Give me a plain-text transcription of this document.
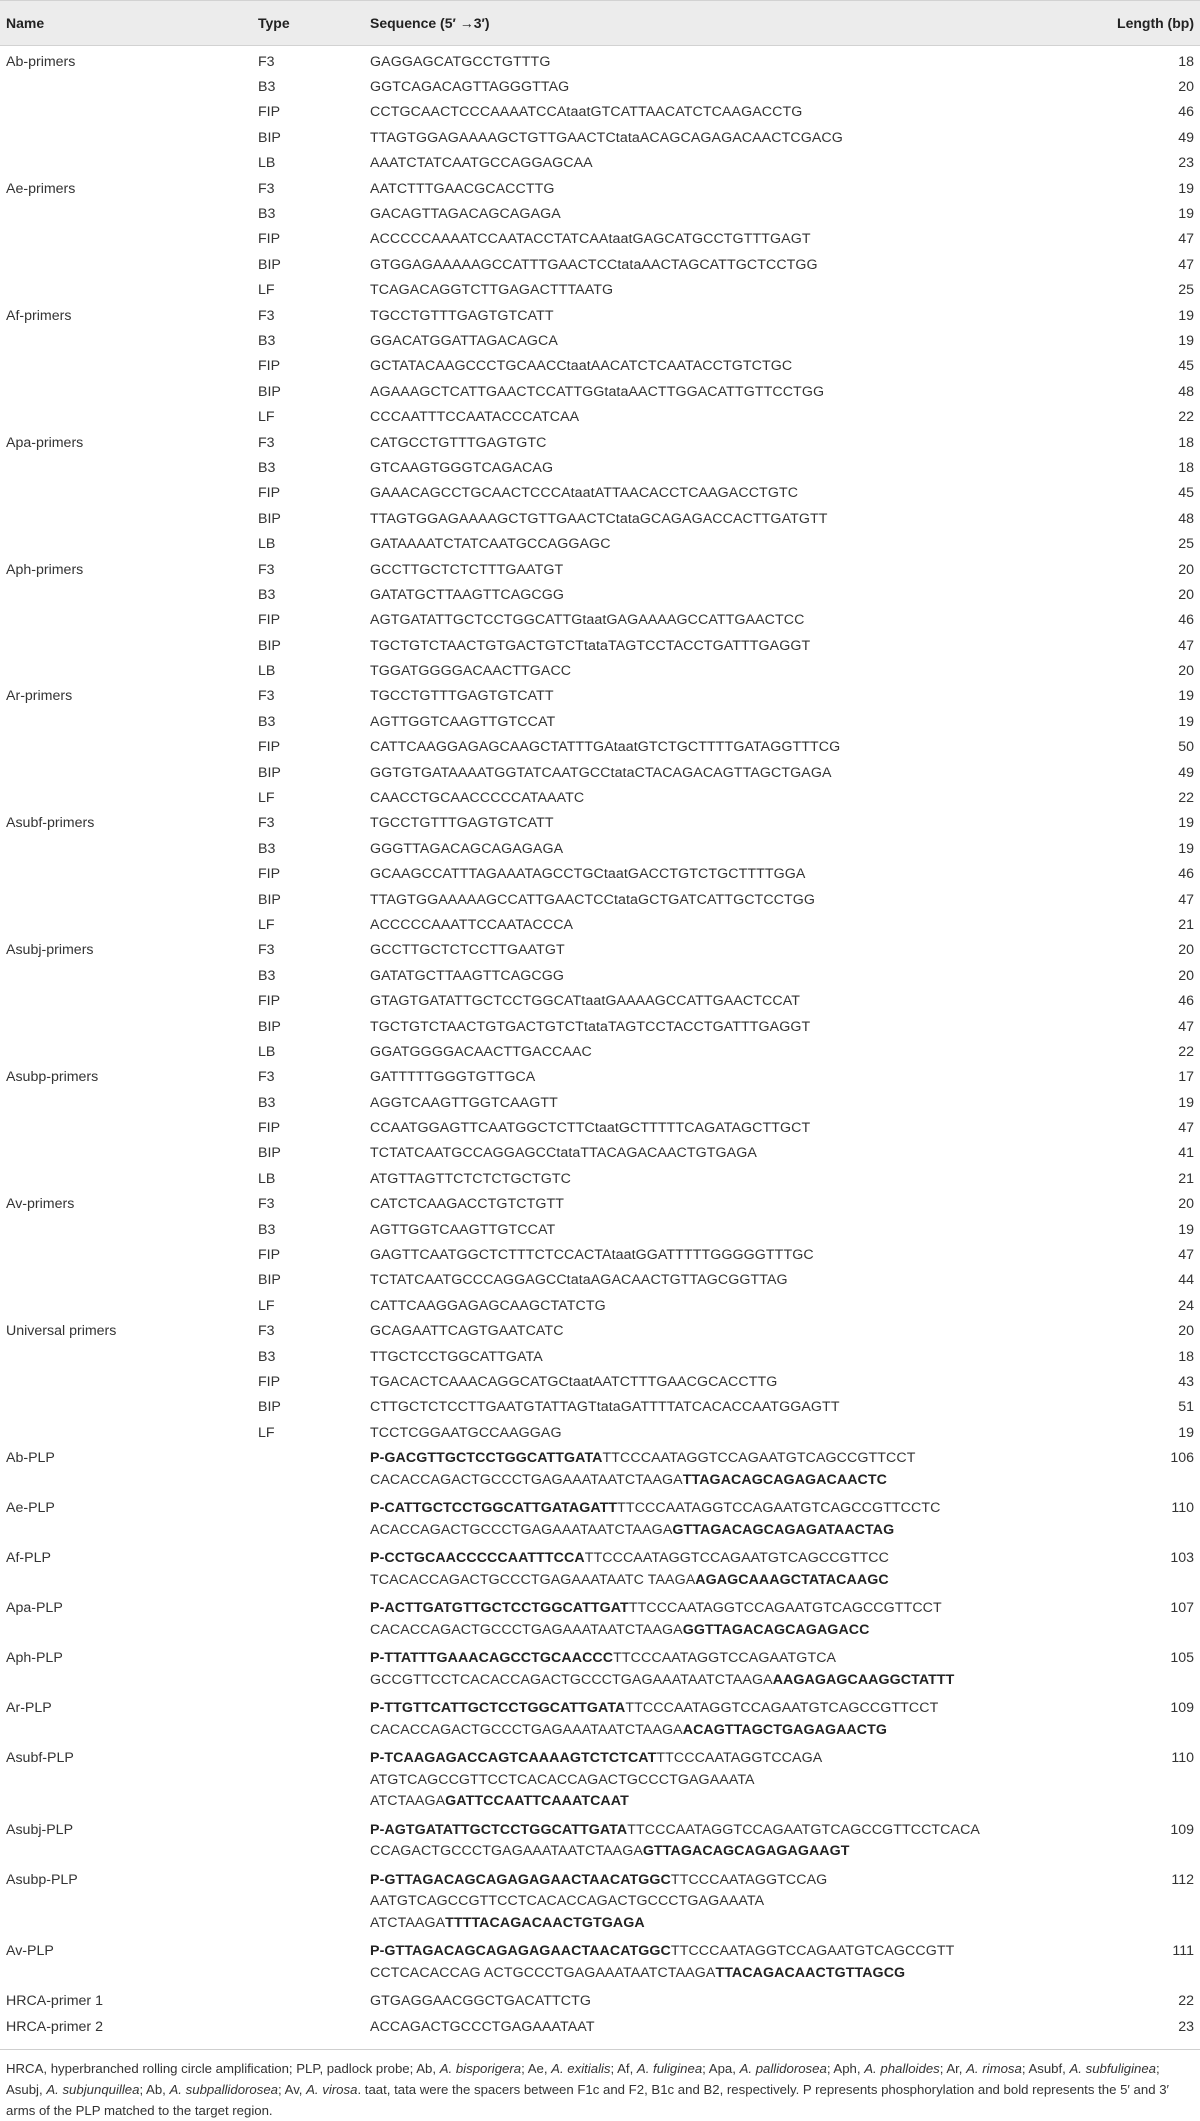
Name	Type	Sequence (5′ →3′)	Length (bp)
Ab-primers	F3	GAGGAGCATGCCTGTTTG	18
	B3	GGTCAGACAGTTAGGGTTAG	20
	FIP	CCTGCAACTCCCAAAATCCAtaatGTCATTAACATCTCAAGACCTG	46
	BIP	TTAGTGGAGAAAAGCTGTTGAACTCtataACAGCAGAGACAACTCGACG	49
	LB	AAATCTATCAATGCCAGGAGCAA	23
Ae-primers	F3	AATCTTTGAACGCACCTTG	19
	B3	GACAGTTAGACAGCAGAGA	19
	FIP	ACCCCCAAAATCCAATACCTATCAAtaatGAGCATGCCTGTTTGAGT	47
	BIP	GTGGAGAAAAAGCCATTTGAACTCCtataAACTAGCATTGCTCCTGG	47
	LF	TCAGACAGGTCTTGAGACTTTAATG	25
Af-primers	F3	TGCCTGTTTGAGTGTCATT	19
	B3	GGACATGGATTAGACAGCA	19
	FIP	GCTATACAAGCCCTGCAACCtaatAACATCTCAATACCTGTCTGC	45
	BIP	AGAAAGCTCATTGAACTCCATTGGtataAACTTGGACATTGTTCCTGG	48
	LF	CCCAATTTCCAATACCCATCAA	22
Apa-primers	F3	CATGCCTGTTTGAGTGTC	18
	B3	GTCAAGTGGGTCAGACAG	18
	FIP	GAAACAGCCTGCAACTCCCAtaatATTAACACCTCAAGACCTGTC	45
	BIP	TTAGTGGAGAAAAGCTGTTGAACTCtataGCAGAGACCACTTGATGTT	48
	LB	GATAAAATCTATCAATGCCAGGAGC	25
Aph-primers	F3	GCCTTGCTCTCTTTGAATGT	20
	B3	GATATGCTTAAGTTCAGCGG	20
	FIP	AGTGATATTGCTCCTGGCATTGtaatGAGAAAAGCCATTGAACTCC	46
	BIP	TGCTGTCTAACTGTGACTGTCTtataTAGTCCTACCTGATTTGAGGT	47
	LB	TGGATGGGGACAACTTGACC	20
Ar-primers	F3	TGCCTGTTTGAGTGTCATT	19
	B3	AGTTGGTCAAGTTGTCCAT	19
	FIP	CATTCAAGGAGAGCAAGCTATTTGAtaatGTCTGCTTTTGATAGGTTTCG	50
	BIP	GGTGTGATAAAATGGTATCAATGCCtataCTACAGACAGTTAGCTGAGA	49
	LF	CAACCTGCAACCCCCATAAATC	22
Asubf-primers	F3	TGCCTGTTTGAGTGTCATT	19
	B3	GGGTTAGACAGCAGAGAGA	19
	FIP	GCAAGCCATTTAGAAATAGCCTGCtaatGACCTGTCTGCTTTTGGA	46
	BIP	TTAGTGGAAAAAGCCATTGAACTCCtataGCTGATCATTGCTCCTGG	47
	LF	ACCCCCAAATTCCAATACCCA	21
Asubj-primers	F3	GCCTTGCTCTCCTTGAATGT	20
	B3	GATATGCTTAAGTTCAGCGG	20
	FIP	GTAGTGATATTGCTCCTGGCATtaatGAAAAGCCATTGAACTCCAT	46
	BIP	TGCTGTCTAACTGTGACTGTCTtataTAGTCCTACCTGATTTGAGGT	47
	LB	GGATGGGGACAACTTGACCAAC	22
Asubp-primers	F3	GATTTTTGGGTGTTGCA	17
	B3	AGGTCAAGTTGGTCAAGTT	19
	FIP	CCAATGGAGTTCAATGGCTCTTCtaatGCTTTTTCAGATAGCTTGCT	47
	BIP	TCTATCAATGCCAGGAGCCtataTTACAGACAACTGTGAGA	41
	LB	ATGTTAGTTCTCTCTGCTGTC	21
Av-primers	F3	CATCTCAAGACCTGTCTGTT	20
	B3	AGTTGGTCAAGTTGTCCAT	19
	FIP	GAGTTCAATGGCTCTTTCTCCACTAtaatGGATTTTTGGGGGTTTGC	47
	BIP	TCTATCAATGCCCAGGAGCCtataAGACAACTGTTAGCGGTTAG	44
	LF	CATTCAAGGAGAGCAAGCTATCTG	24
Universal primers	F3	GCAGAATTCAGTGAATCATC	20
	B3	TTGCTCCTGGCATTGATA	18
	FIP	TGACACTCAAACAGGCATGCtaatAATCTTTGAACGCACCTTG	43
	BIP	CTTGCTCTCCTTGAATGTATTAGTtataGATTTTATCACACCAATGGAGTT	51
	LF	TCCTCGGAATGCCAAGGAG	19
Ab-PLP		P-GACGTTGCTCCTGGCATTGATATTCCCAATAGGTCCAGAATGTCAGCCGTTCCT
CACACCAGACTGCCCTGAGAAATAATCTAAGATTAGACAGCAGAGACAACTC	106
Ae-PLP		P-CATTGCTCCTGGCATTGATAGATTTTCCCAATAGGTCCAGAATGTCAGCCGTTCCTC
ACACCAGACTGCCCTGAGAAATAATCTAAGAGTTAGACAGCAGAGATAACTAG	110
Af-PLP		P-CCTGCAACCCCCAATTTCCATTCCCAATAGGTCCAGAATGTCAGCCGTTCC
TCACACCAGACTGCCCTGAGAAATAATC TAAGAAGAGCAAAGCTATACAAGC	103
Apa-PLP		P-ACTTGATGTTGCTCCTGGCATTGATTTCCCAATAGGTCCAGAATGTCAGCCGTTCCT
CACACCAGACTGCCCTGAGAAATAATCTAAGAGGTTAGACAGCAGAGACC	107
Aph-PLP		P-TTATTTGAAACAGCCTGCAACCCTTCCCAATAGGTCCAGAATGTCA
GCCGTTCCTCACACCAGACTGCCCTGAGAAATAATCTAAGAAAGAGAGCAAGGCTATTT	105
Ar-PLP		P-TTGTTCATTGCTCCTGGCATTGATATTCCCAATAGGTCCAGAATGTCAGCCGTTCCT
CACACCAGACTGCCCTGAGAAATAATCTAAGAACAGTTAGCTGAGAGAACTG	109
Asubf-PLP		P-TCAAGAGACCAGTCAAAAGTCTCTCATTTCCCAATAGGTCCAGA
ATGTCAGCCGTTCCTCACACCAGACTGCCCTGAGAAATA
ATCTAAGAGATTCCAATTCAAATCAAT	110
Asubj-PLP		P-AGTGATATTGCTCCTGGCATTGATATTCCCAATAGGTCCAGAATGTCAGCCGTTCCTCACA
CCAGACTGCCCTGAGAAATAATCTAAGAGTTAGACAGCAGAGAGAAGT	109
Asubp-PLP		P-GTTAGACAGCAGAGAGAACTAACATGGCTTCCCAATAGGTCCAG
AATGTCAGCCGTTCCTCACACCAGACTGCCCTGAGAAATA
ATCTAAGATTTTACAGACAACTGTGAGA	112
Av-PLP		P-GTTAGACAGCAGAGAGAACTAACATGGCTTCCCAATAGGTCCAGAATGTCAGCCGTT
CCTCACACCAG ACTGCCCTGAGAAATAATCTAAGATTACAGACAACTGTTAGCG	111
HRCA-primer 1		GTGAGGAACGGCTGACATTCTG	22
HRCA-primer 2		ACCAGACTGCCCTGAGAAATAAT	23
HRCA, hyperbranched rolling circle amplification; PLP, padlock probe; Ab, A. bisporigera; Ae, A. exitialis; Af, A. fuliginea; Apa, A. pallidorosea; Aph, A. phalloides; Ar, A. rimosa; Asubf, A. subfuliginea; Asubj, A. subjunquillea; Ab, A. subpallidorosea; Av, A. virosa. taat, tata were the spacers between F1c and F2, B1c and B2, respectively. P represents phosphorylation and bold represents the 5′ and 3′ arms of the PLP matched to the target region.
